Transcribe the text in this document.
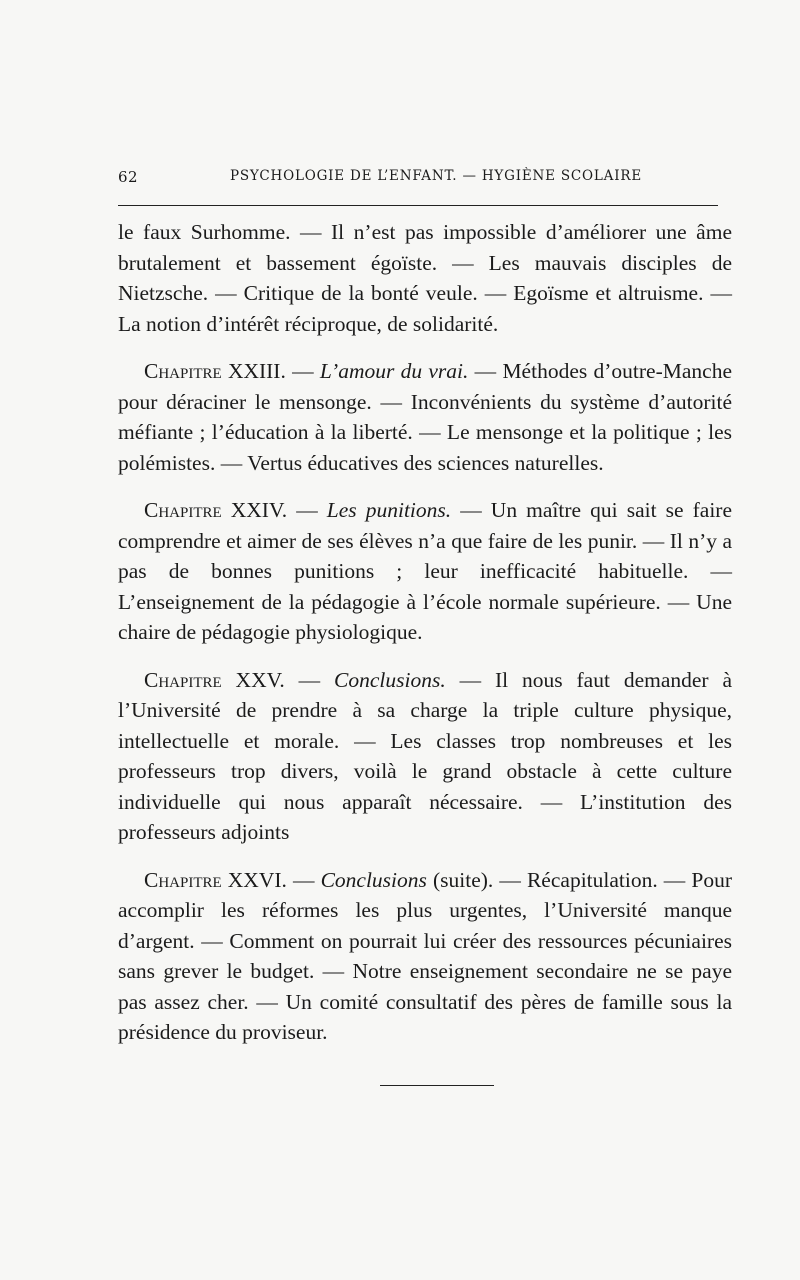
62	PSYCHOLOGIE DE L’ENFANT. — HYGIÈNE SCOLAIRE

le faux Surhomme. — Il n’est pas impossible d’améliorer une âme brutalement et bassement égoïste. — Les mauvais disciples de Nietzsche. — Critique de la bonté veule. — Egoïsme et altruisme. — La notion d’intérêt réciproque, de solidarité.

Chapitre XXIII. — L’amour du vrai. — Méthodes d’outre-Manche pour déraciner le mensonge. — Inconvénients du système d’autorité méfiante ; l’éducation à la liberté. — Le mensonge et la politique ; les polémistes. — Vertus éducatives des sciences naturelles.

Chapitre XXIV. — Les punitions. — Un maître qui sait se faire comprendre et aimer de ses élèves n’a que faire de les punir. — Il n’y a pas de bonnes punitions ; leur inefficacité habituelle. — L’enseignement de la pédagogie à l’école normale supérieure. — Une chaire de pédagogie physiologique.

Chapitre XXV. — Conclusions. — Il nous faut demander à l’Université de prendre à sa charge la triple culture physique, intellectuelle et morale. — Les classes trop nombreuses et les professeurs trop divers, voilà le grand obstacle à cette culture individuelle qui nous apparaît nécessaire. — L’institution des professeurs adjoints

Chapitre XXVI. — Conclusions (suite). — Récapitulation. — Pour accomplir les réformes les plus urgentes, l’Université manque d’argent. — Comment on pourrait lui créer des ressources pécuniaires sans grever le budget. — Notre enseignement secondaire ne se paye pas assez cher. — Un comité consultatif des pères de famille sous la présidence du proviseur.
